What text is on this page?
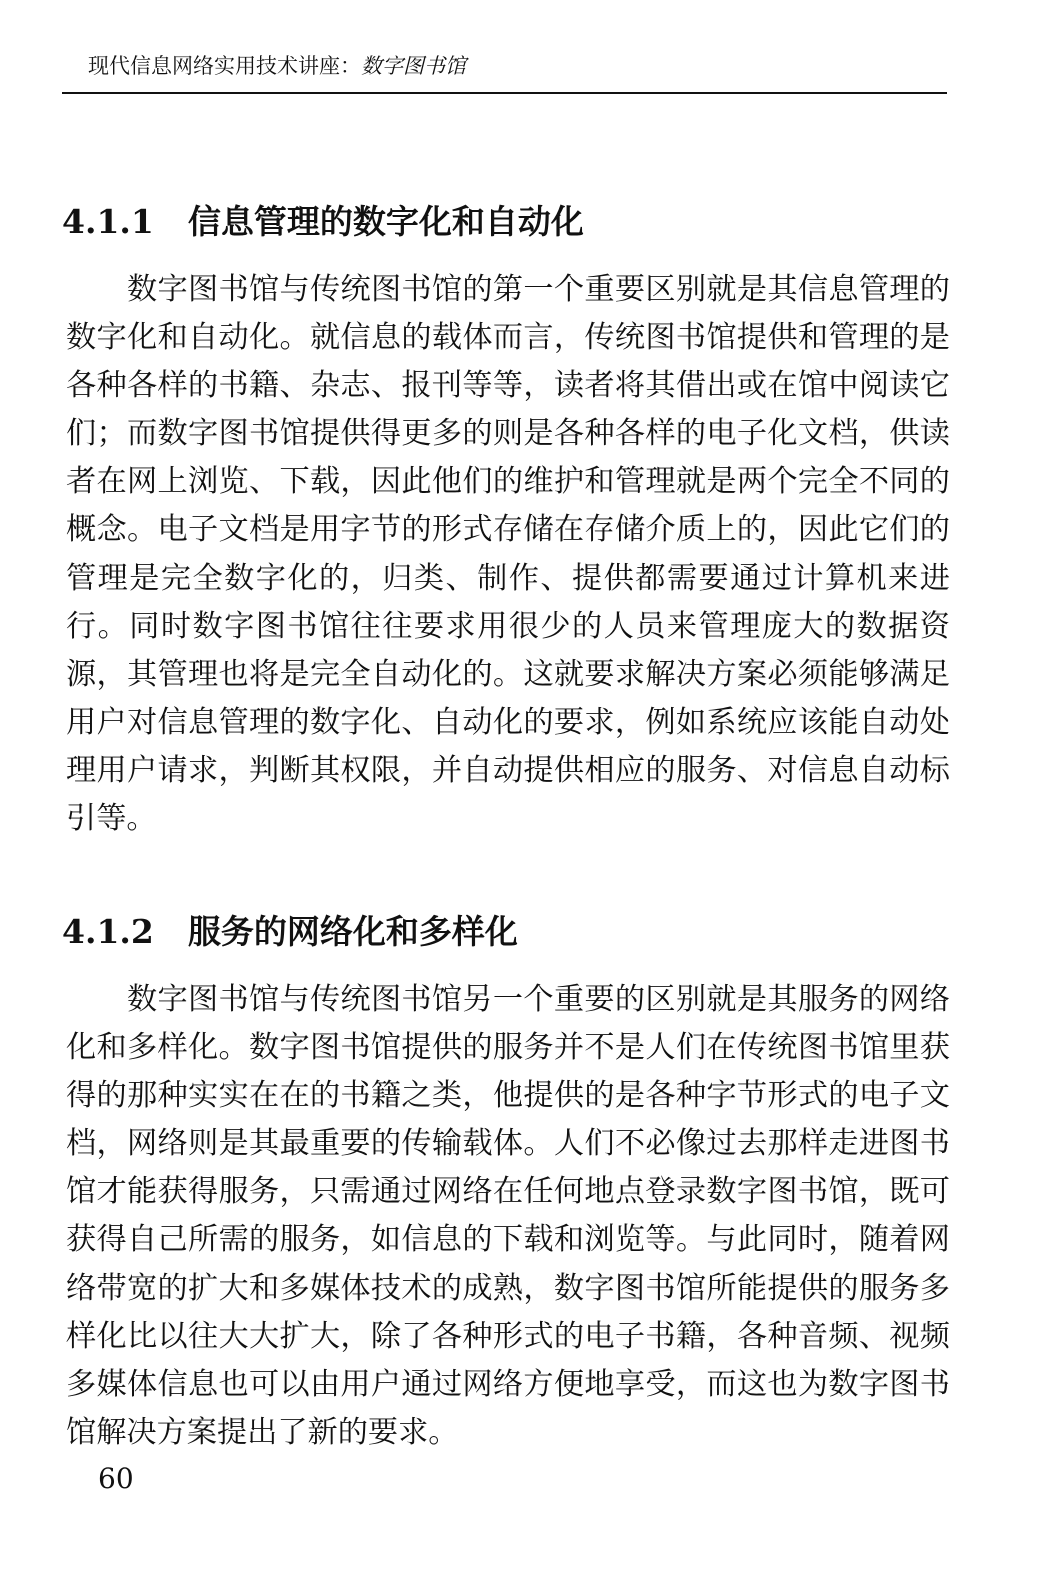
现代信息网络实用技术讲座：数字图书馆
4.1.1 信息管理的数字化和自动化

数字图书馆与传统图书馆的第一个重要区别就是其信息管理的数字化和自动化。就信息的载体而言，传统图书馆提供和管理的是各种各样的书籍、杂志、报刊等等，读者将其借出或在馆中阅读它们；而数字图书馆提供得更多的则是各种各样的电子化文档，供读者在网上浏览、下载，因此他们的维护和管理就是两个完全不同的概念。电子文档是用字节的形式存储在存储介质上的，因此它们的管理是完全数字化的，归类、制作、提供都需要通过计算机来进行。同时数字图书馆往往要求用很少的人员来管理庞大的数据资源，其管理也将是完全自动化的。这就要求解决方案必须能够满足用户对信息管理的数字化、自动化的要求，例如系统应该能自动处理用户请求，判断其权限，并自动提供相应的服务、对信息自动标引等。

4.1.2 服务的网络化和多样化

数字图书馆与传统图书馆另一个重要的区别就是其服务的网络化和多样化。数字图书馆提供的服务并不是人们在传统图书馆里获得的那种实实在在的书籍之类，他提供的是各种字节形式的电子文档，网络则是其最重要的传输载体。人们不必像过去那样走进图书馆才能获得服务，只需通过网络在任何地点登录数字图书馆，既可获得自己所需的服务，如信息的下载和浏览等。与此同时，随着网络带宽的扩大和多媒体技术的成熟，数字图书馆所能提供的服务多样化比以往大大扩大，除了各种形式的电子书籍，各种音频、视频多媒体信息也可以由用户通过网络方便地享受，而这也为数字图书馆解决方案提出了新的要求。

60
